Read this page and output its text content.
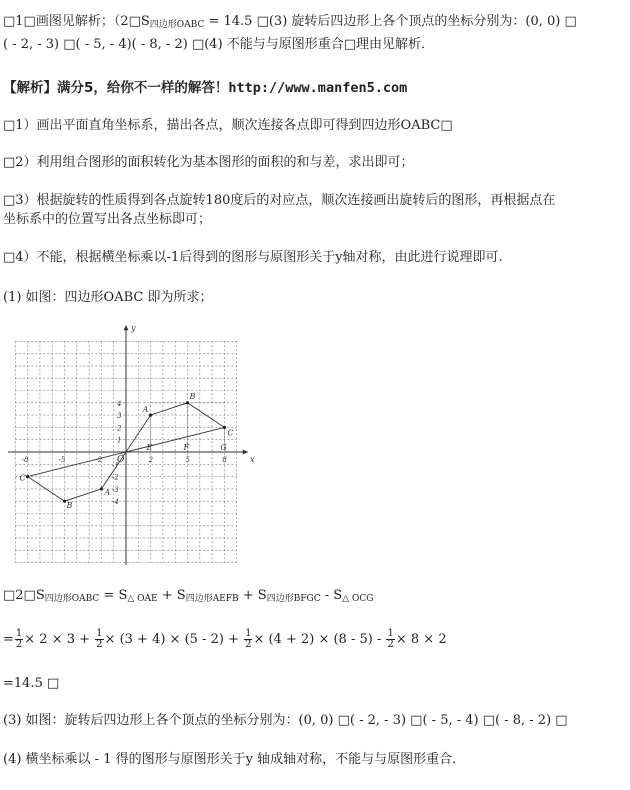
□1□画图见解析；（$2□S_{四边形OABC} = 14.5$ □(3) 旋转后四边形上各个顶点的坐标分别为：(0, 0) □
( - 2, - 3) □( - 5, - 4)( - 8, - 2) □(4) 不能与与原图形重合□理由见解析．
【解析】满分5，给你不一样的解答！http://www.manfen5.com
□1）画出平面直角坐标系，描出各点，顺次连接各点即可得到四边形OABC□
□2）利用组合图形的面积转化为基本图形的面积的和与差，求出即可；
□3）根据旋转的性质得到各点旋转180度后的对应点，顺次连接画出旋转后的图形，再根据点在
坐标系中的位置写出各点坐标即可；
□4）不能，根据横坐标乘以-1后得到的图形与原图形关于y轴对称，由此进行说理即可.
(1) 如图：四边形OABC 即为所求；
x
y
O
-8	-5	-2	2	5	8
4
3
2
1
-1
-2
-3
-4
A
B
C
A
B
C
E	F	G
$□2□S_{四边形OABC} = S_{\triangle OAE} + S_{四边形AEFB} + S_{四边形BFGC} - S_{\triangle OCG}$
= $\frac{1}{2} \times 2 \times 3 + \frac{1}{2} \times (3 + 4) \times (5 - 2) + \frac{1}{2} \times (4 + 2) \times (8 - 5) - \frac{1}{2} \times 8 \times 2$
=14.5 □
(3) 如图：旋转后四边形上各个顶点的坐标分别为：(0, 0) □( - 2, - 3) □( - 5, - 4) □( - 8, - 2) □
(4) 横坐标乘以 - 1 得的图形与原图形关于y 轴成轴对称，不能与与原图形重合．
